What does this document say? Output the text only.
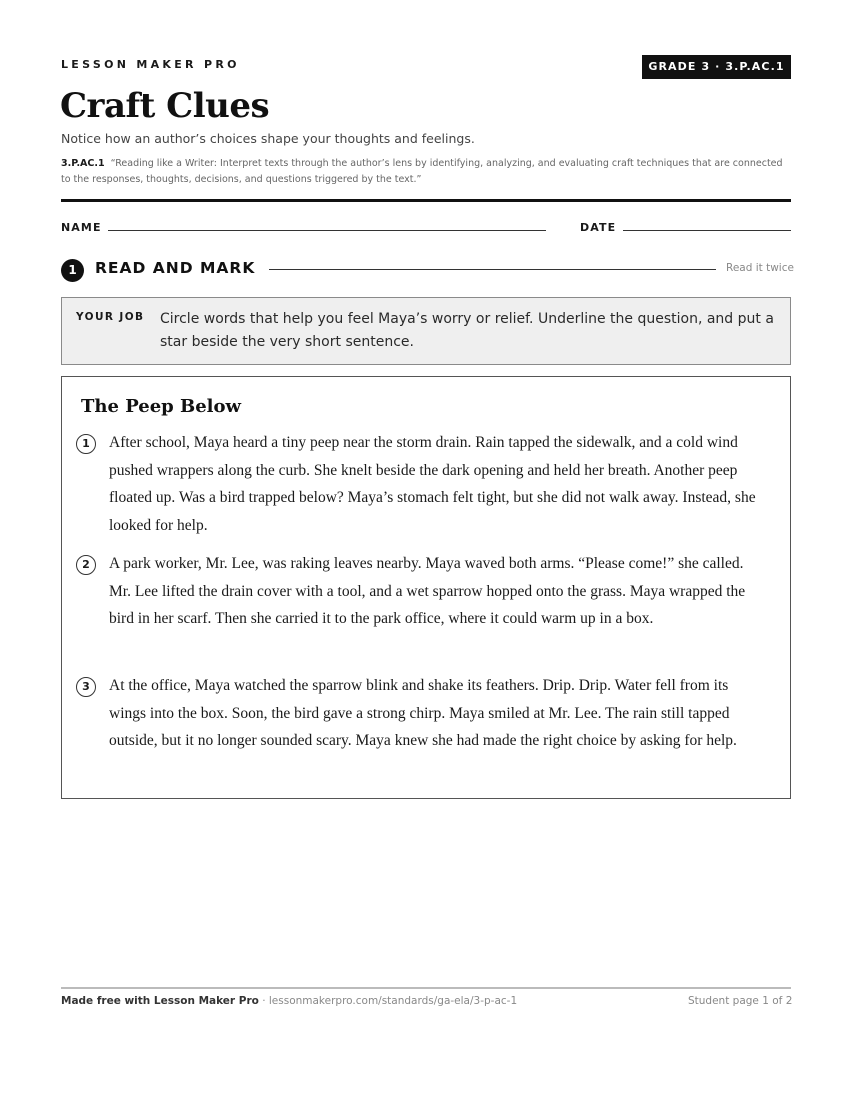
LESSON MAKER PRO	GRADE 3 · 3.P.AC.1
Craft Clues
Notice how an author’s choices shape your thoughts and feelings.
3.P.AC.1 “Reading like a Writer: Interpret texts through the author’s lens by identifying, analyzing, and evaluating craft techniques that are connected to the responses, thoughts, decisions, and questions triggered by the text.”
NAME	DATE
1	READ AND MARK	Read it twice
YOUR JOB Circle words that help you feel Maya’s worry or relief. Underline the question, and put a star beside the very short sentence.
The Peep Below
1	After school, Maya heard a tiny peep near the storm drain. Rain tapped the sidewalk, and a cold wind pushed wrappers along the curb. She knelt beside the dark opening and held her breath. Another peep floated up. Was a bird trapped below? Maya’s stomach felt tight, but she did not walk away. Instead, she looked for help.
2	A park worker, Mr. Lee, was raking leaves nearby. Maya waved both arms. “Please come!” she called. Mr. Lee lifted the drain cover with a tool, and a wet sparrow hopped onto the grass. Maya wrapped the bird in her scarf. Then she carried it to the park office, where it could warm up in a box.
3	At the office, Maya watched the sparrow blink and shake its feathers. Drip. Drip. Water fell from its wings into the box. Soon, the bird gave a strong chirp. Maya smiled at Mr. Lee. The rain still tapped outside, but it no longer sounded scary. Maya knew she had made the right choice by asking for help.
Made free with Lesson Maker Pro · lessonmakerpro.com/standards/ga-ela/3-p-ac-1	Student page 1 of 2
